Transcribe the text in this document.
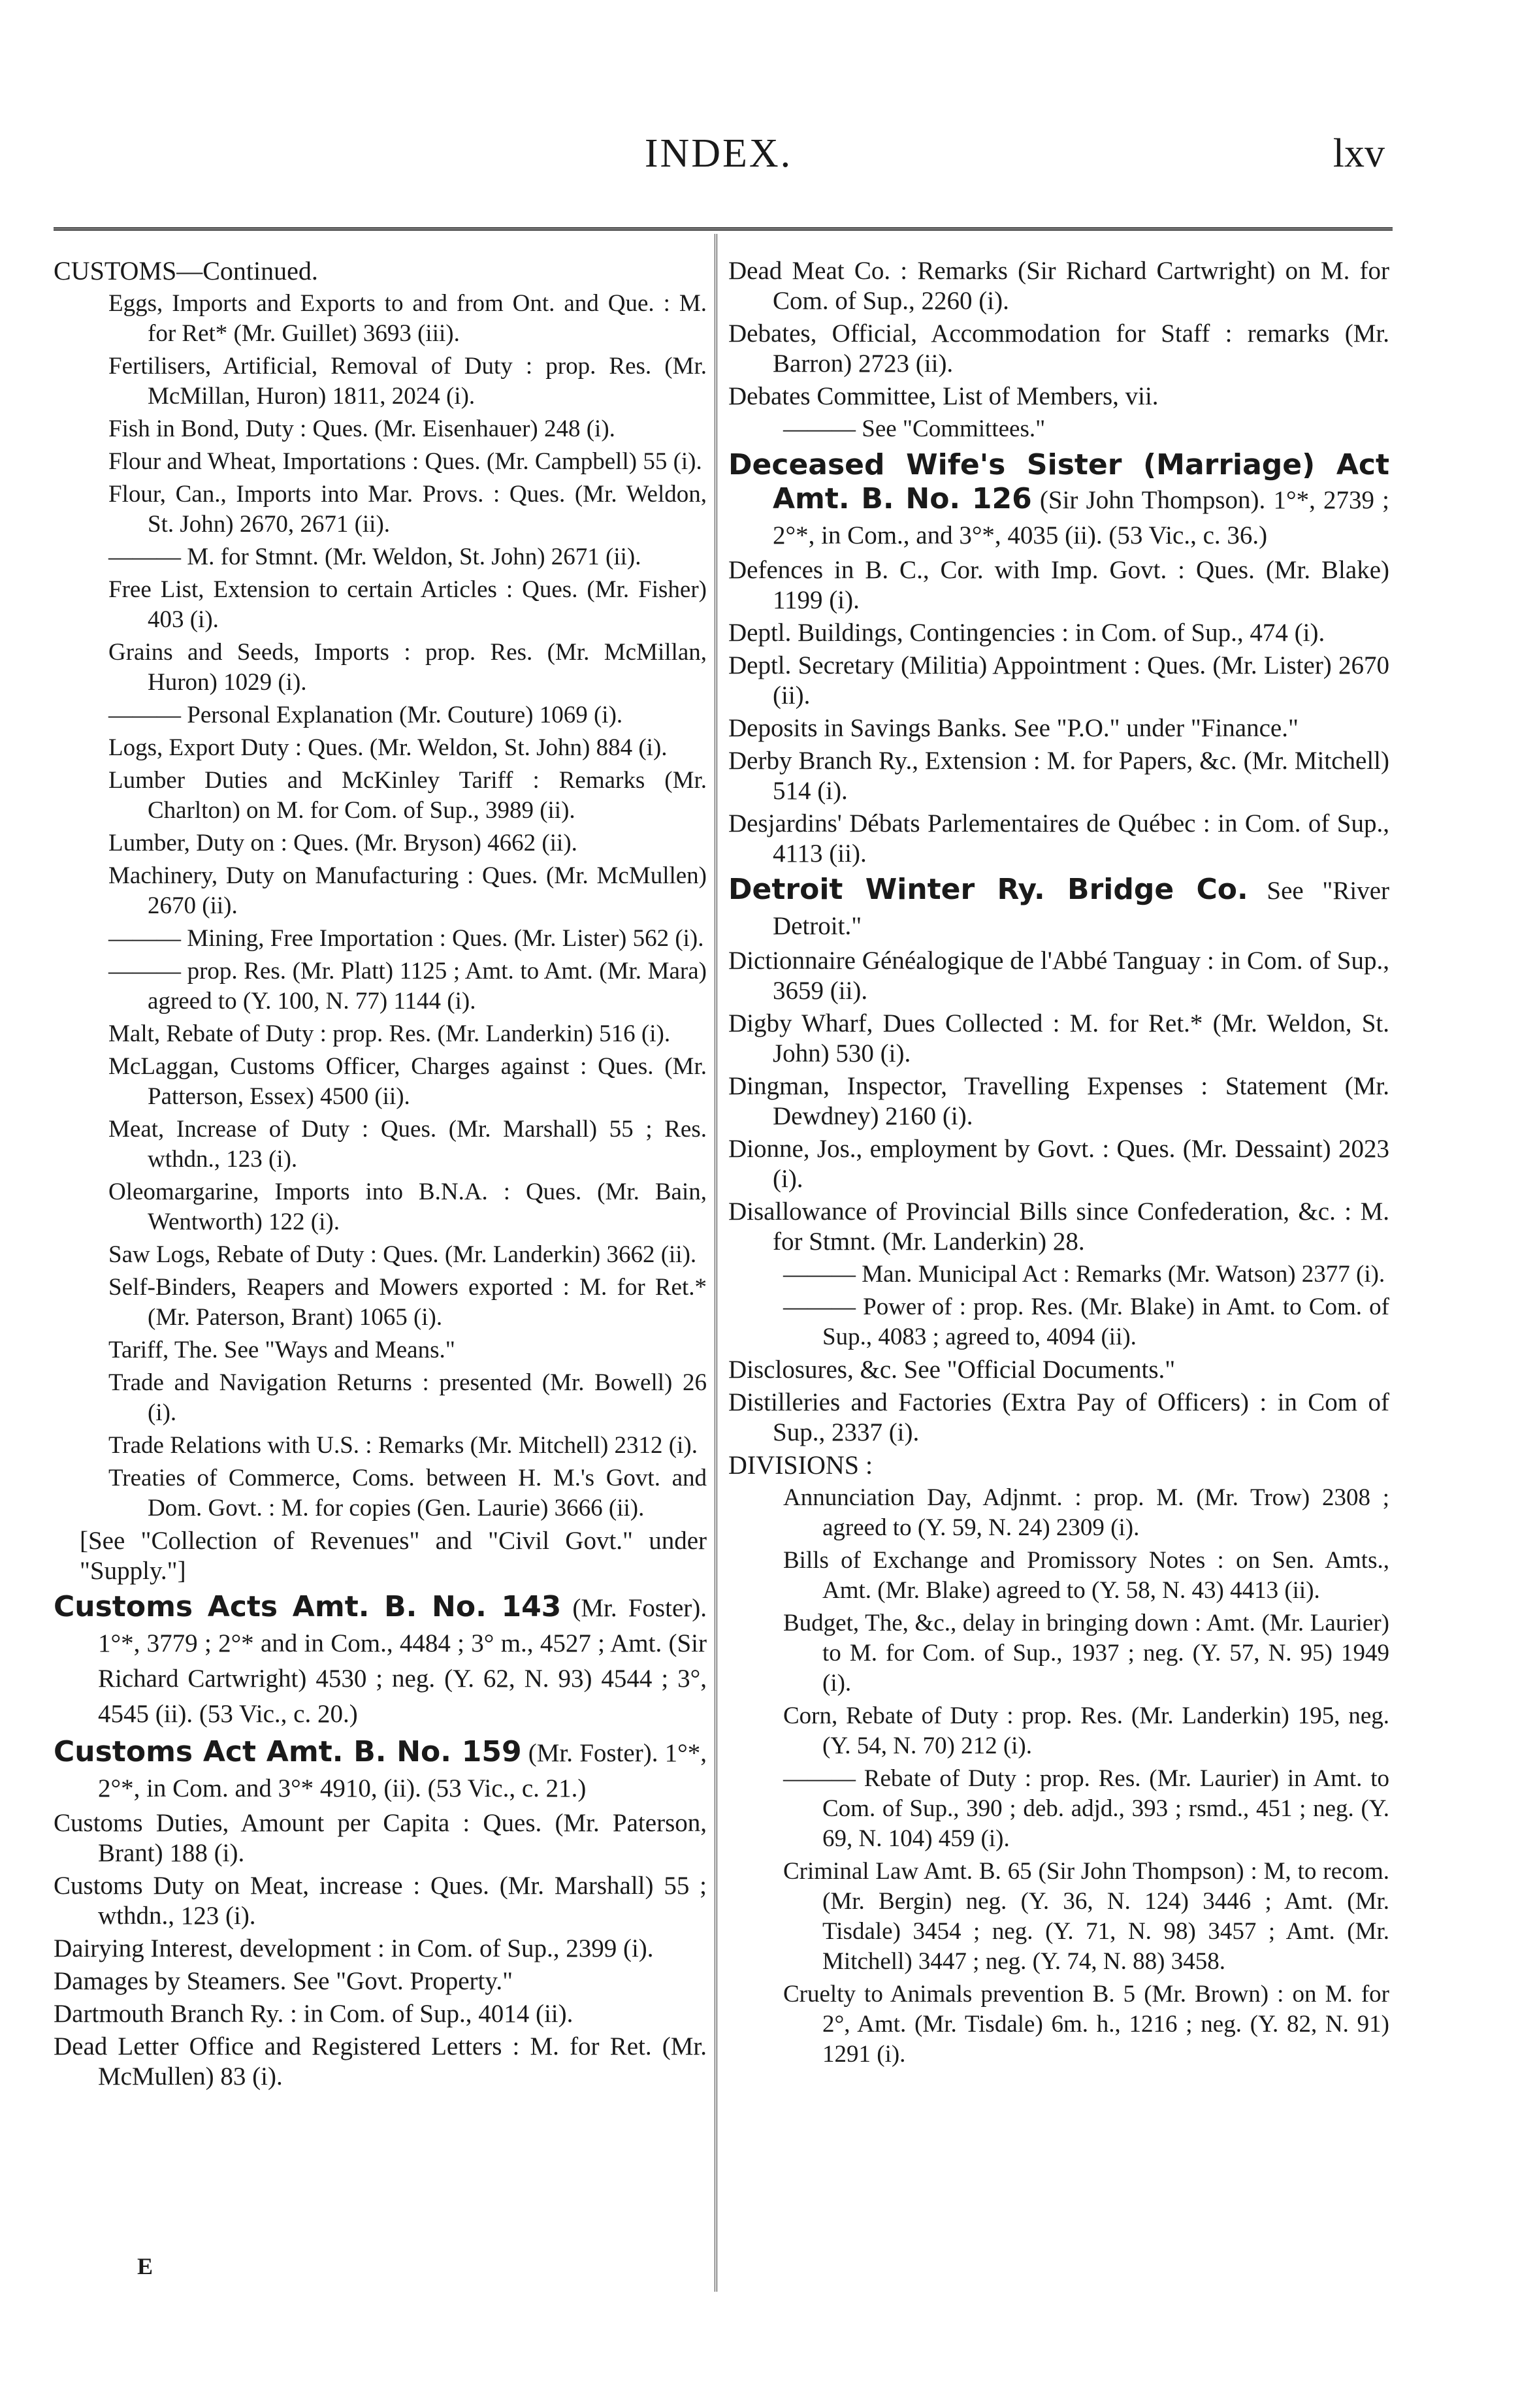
INDEX.	lxv
CUSTOMS—Continued.
Eggs, Imports and Exports to and from Ont. and Que. : M. for Ret* (Mr. Guillet) 3693 (iii).
Fertilisers, Artificial, Removal of Duty : prop. Res. (Mr. McMillan, Huron) 1811, 2024 (i).
Fish in Bond, Duty : Ques. (Mr. Eisenhauer) 248 (i).
Flour and Wheat, Importations : Ques. (Mr. Campbell) 55 (i).
Flour, Can., Imports into Mar. Provs. : Ques. (Mr. Weldon, St. John) 2670, 2671 (ii).
——— M. for Stmnt. (Mr. Weldon, St. John) 2671 (ii).
Free List, Extension to certain Articles : Ques. (Mr. Fisher) 403 (i).
Grains and Seeds, Imports : prop. Res. (Mr. McMillan, Huron) 1029 (i).
——— Personal Explanation (Mr. Couture) 1069 (i).
Logs, Export Duty : Ques. (Mr. Weldon, St. John) 884 (i).
Lumber Duties and McKinley Tariff : Remarks (Mr. Charlton) on M. for Com. of Sup., 3989 (ii).
Lumber, Duty on : Ques. (Mr. Bryson) 4662 (ii).
Machinery, Duty on Manufacturing : Ques. (Mr. McMullen) 2670 (ii).
——— Mining, Free Importation : Ques. (Mr. Lister) 562 (i).
——— prop. Res. (Mr. Platt) 1125 ; Amt. to Amt. (Mr. Mara) agreed to (Y. 100, N. 77) 1144 (i).
Malt, Rebate of Duty : prop. Res. (Mr. Landerkin) 516 (i).
McLaggan, Customs Officer, Charges against : Ques. (Mr. Patterson, Essex) 4500 (ii).
Meat, Increase of Duty : Ques. (Mr. Marshall) 55 ; Res. wthdn., 123 (i).
Oleomargarine, Imports into B.N.A. : Ques. (Mr. Bain, Wentworth) 122 (i).
Saw Logs, Rebate of Duty : Ques. (Mr. Landerkin) 3662 (ii).
Self-Binders, Reapers and Mowers exported : M. for Ret.* (Mr. Paterson, Brant) 1065 (i).
Tariff, The. See "Ways and Means."
Trade and Navigation Returns : presented (Mr. Bowell) 26 (i).
Trade Relations with U.S. : Remarks (Mr. Mitchell) 2312 (i).
Treaties of Commerce, Coms. between H. M.'s Govt. and Dom. Govt. : M. for copies (Gen. Laurie) 3666 (ii).
[See "Collection of Revenues" and "Civil Govt." under "Supply."]
Customs Acts Amt. B. No. 143 (Mr. Foster). 1°*, 3779 ; 2°* and in Com., 4484 ; 3° m., 4527 ; Amt. (Sir Richard Cartwright) 4530 ; neg. (Y. 62, N. 93) 4544 ; 3°, 4545 (ii). (53 Vic., c. 20.)
Customs Act Amt. B. No. 159 (Mr. Foster). 1°*, 2°*, in Com. and 3°* 4910, (ii). (53 Vic., c. 21.)
Customs Duties, Amount per Capita : Ques. (Mr. Paterson, Brant) 188 (i).
Customs Duty on Meat, increase : Ques. (Mr. Marshall) 55 ; wthdn., 123 (i).
Dairying Interest, development : in Com. of Sup., 2399 (i).
Damages by Steamers. See "Govt. Property."
Dartmouth Branch Ry. : in Com. of Sup., 4014 (ii).
Dead Letter Office and Registered Letters : M. for Ret. (Mr. McMullen) 83 (i).
Dead Meat Co. : Remarks (Sir Richard Cartwright) on M. for Com. of Sup., 2260 (i).
Debates, Official, Accommodation for Staff : remarks (Mr. Barron) 2723 (ii).
Debates Committee, List of Members, vii.
——— See "Committees."
Deceased Wife's Sister (Marriage) Act Amt. B. No. 126 (Sir John Thompson). 1°*, 2739 ; 2°*, in Com., and 3°*, 4035 (ii). (53 Vic., c. 36.)
Defences in B. C., Cor. with Imp. Govt. : Ques. (Mr. Blake) 1199 (i).
Deptl. Buildings, Contingencies : in Com. of Sup., 474 (i).
Deptl. Secretary (Militia) Appointment : Ques. (Mr. Lister) 2670 (ii).
Deposits in Savings Banks. See "P.O." under "Finance."
Derby Branch Ry., Extension : M. for Papers, &c. (Mr. Mitchell) 514 (i).
Desjardins' Débats Parlementaires de Québec : in Com. of Sup., 4113 (ii).
Detroit Winter Ry. Bridge Co. See "River Detroit."
Dictionnaire Généalogique de l'Abbé Tanguay : in Com. of Sup., 3659 (ii).
Digby Wharf, Dues Collected : M. for Ret.* (Mr. Weldon, St. John) 530 (i).
Dingman, Inspector, Travelling Expenses : Statement (Mr. Dewdney) 2160 (i).
Dionne, Jos., employment by Govt. : Ques. (Mr. Dessaint) 2023 (i).
Disallowance of Provincial Bills since Confederation, &c. : M. for Stmnt. (Mr. Landerkin) 28.
——— Man. Municipal Act : Remarks (Mr. Watson) 2377 (i).
——— Power of : prop. Res. (Mr. Blake) in Amt. to Com. of Sup., 4083 ; agreed to, 4094 (ii).
Disclosures, &c. See "Official Documents."
Distilleries and Factories (Extra Pay of Officers) : in Com of Sup., 2337 (i).
DIVISIONS :
Annunciation Day, Adjnmt. : prop. M. (Mr. Trow) 2308 ; agreed to (Y. 59, N. 24) 2309 (i).
Bills of Exchange and Promissory Notes : on Sen. Amts., Amt. (Mr. Blake) agreed to (Y. 58, N. 43) 4413 (ii).
Budget, The, &c., delay in bringing down : Amt. (Mr. Laurier) to M. for Com. of Sup., 1937 ; neg. (Y. 57, N. 95) 1949 (i).
Corn, Rebate of Duty : prop. Res. (Mr. Landerkin) 195, neg. (Y. 54, N. 70) 212 (i).
——— Rebate of Duty : prop. Res. (Mr. Laurier) in Amt. to Com. of Sup., 390 ; deb. adjd., 393 ; rsmd., 451 ; neg. (Y. 69, N. 104) 459 (i).
Criminal Law Amt. B. 65 (Sir John Thompson) : M, to recom. (Mr. Bergin) neg. (Y. 36, N. 124) 3446 ; Amt. (Mr. Tisdale) 3454 ; neg. (Y. 71, N. 98) 3457 ; Amt. (Mr. Mitchell) 3447 ; neg. (Y. 74, N. 88) 3458.
Cruelty to Animals prevention B. 5 (Mr. Brown) : on M. for 2°, Amt. (Mr. Tisdale) 6m. h., 1216 ; neg. (Y. 82, N. 91) 1291 (i).
E
